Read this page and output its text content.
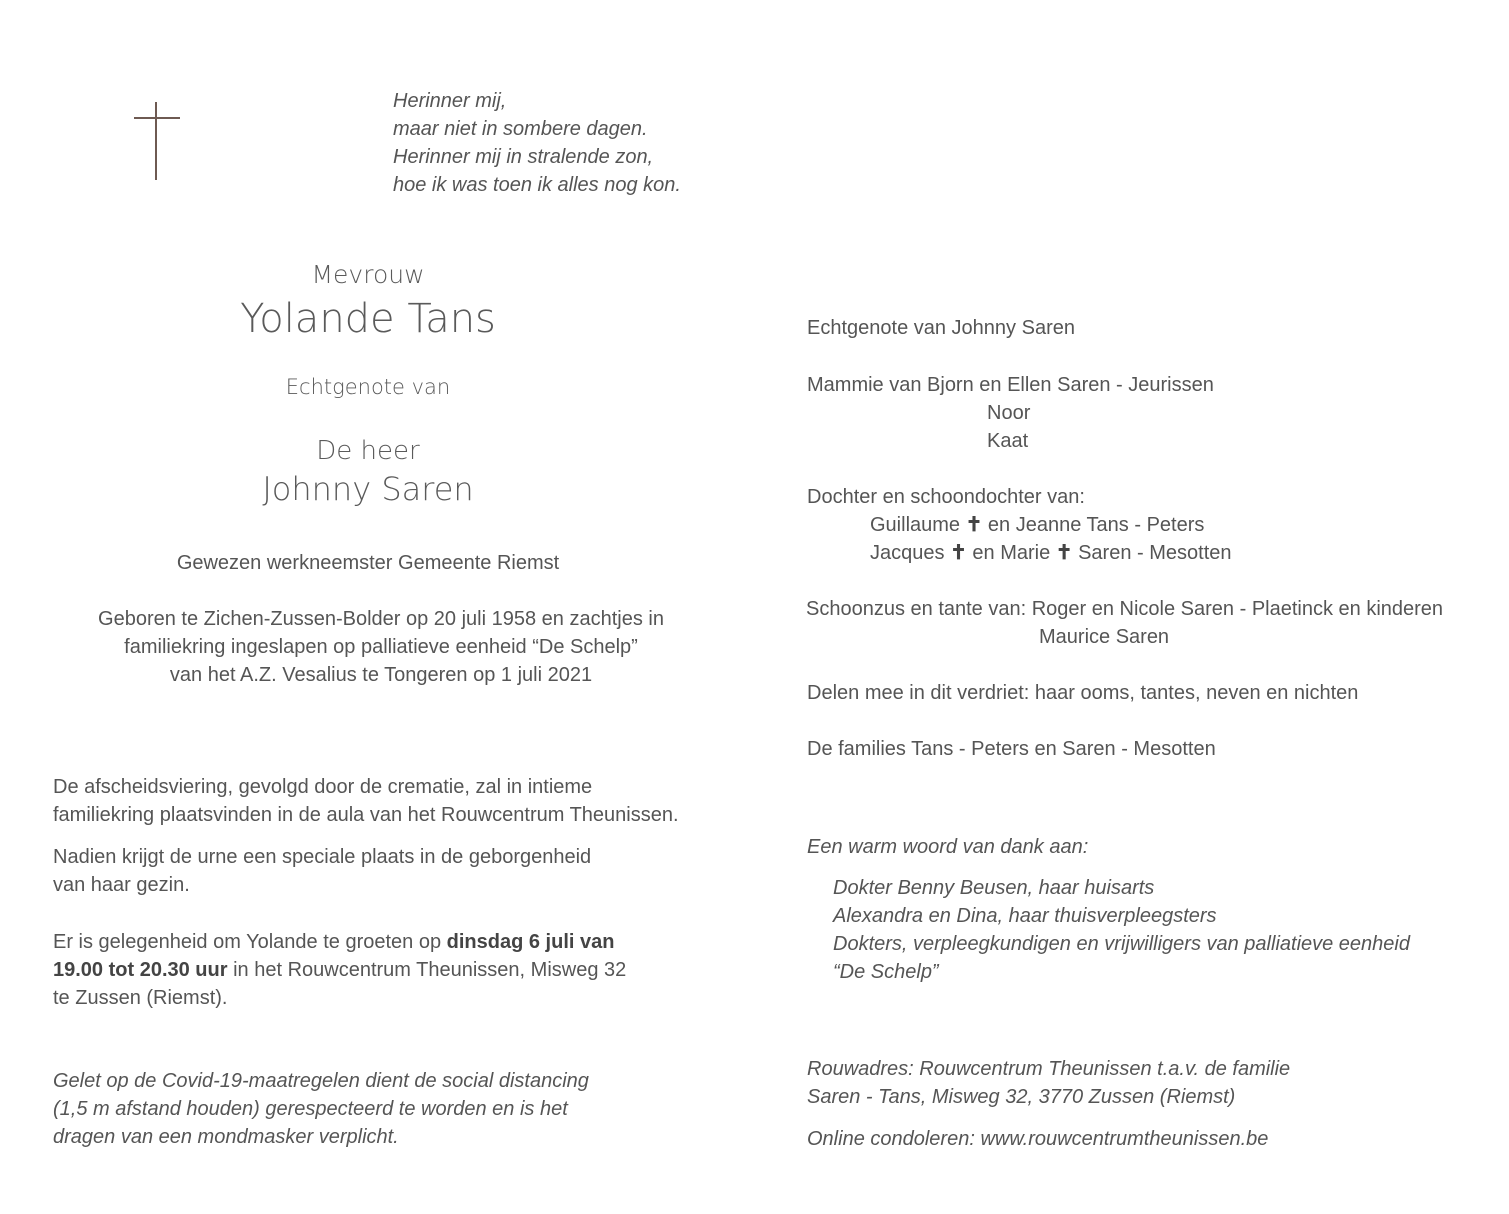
Herinner mij,
maar niet in sombere dagen.
Herinner mij in stralende zon,
hoe ik was toen ik alles nog kon.
Mevrouw
Yolande Tans
Echtgenote van
De heer
Johnny Saren
Gewezen werkneemster Gemeente Riemst
Geboren te Zichen-Zussen-Bolder op 20 juli 1958 en zachtjes in
familiekring ingeslapen op palliatieve eenheid “De Schelp”
van het A.Z. Vesalius te Tongeren op 1 juli 2021
De afscheidsviering, gevolgd door de crematie, zal in intieme
familiekring plaatsvinden in de aula van het Rouwcentrum Theunissen.
Nadien krijgt de urne een speciale plaats in de geborgenheid
van haar gezin.
Er is gelegenheid om Yolande te groeten op dinsdag 6 juli van
19.00 tot 20.30 uur in het Rouwcentrum Theunissen, Misweg 32
te Zussen (Riemst).
Gelet op de Covid-19-maatregelen dient de social distancing
(1,5 m afstand houden) gerespecteerd te worden en is het
dragen van een mondmasker verplicht.
Echtgenote van Johnny Saren
Mammie van Bjorn en Ellen Saren - Jeurissen
Noor
Kaat
Dochter en schoondochter van:
Guillaume ✝ en Jeanne Tans - Peters
Jacques ✝ en Marie ✝ Saren - Mesotten
Schoonzus en tante van: Roger en Nicole Saren - Plaetinck en kinderen
Maurice Saren
Delen mee in dit verdriet: haar ooms, tantes, neven en nichten
De families Tans - Peters en Saren - Mesotten
Een warm woord van dank aan:
Dokter Benny Beusen, haar huisarts
Alexandra en Dina, haar thuisverpleegsters
Dokters, verpleegkundigen en vrijwilligers van palliatieve eenheid
“De Schelp”
Rouwadres: Rouwcentrum Theunissen t.a.v. de familie
Saren - Tans, Misweg 32, 3770 Zussen (Riemst)
Online condoleren: www.rouwcentrumtheunissen.be
